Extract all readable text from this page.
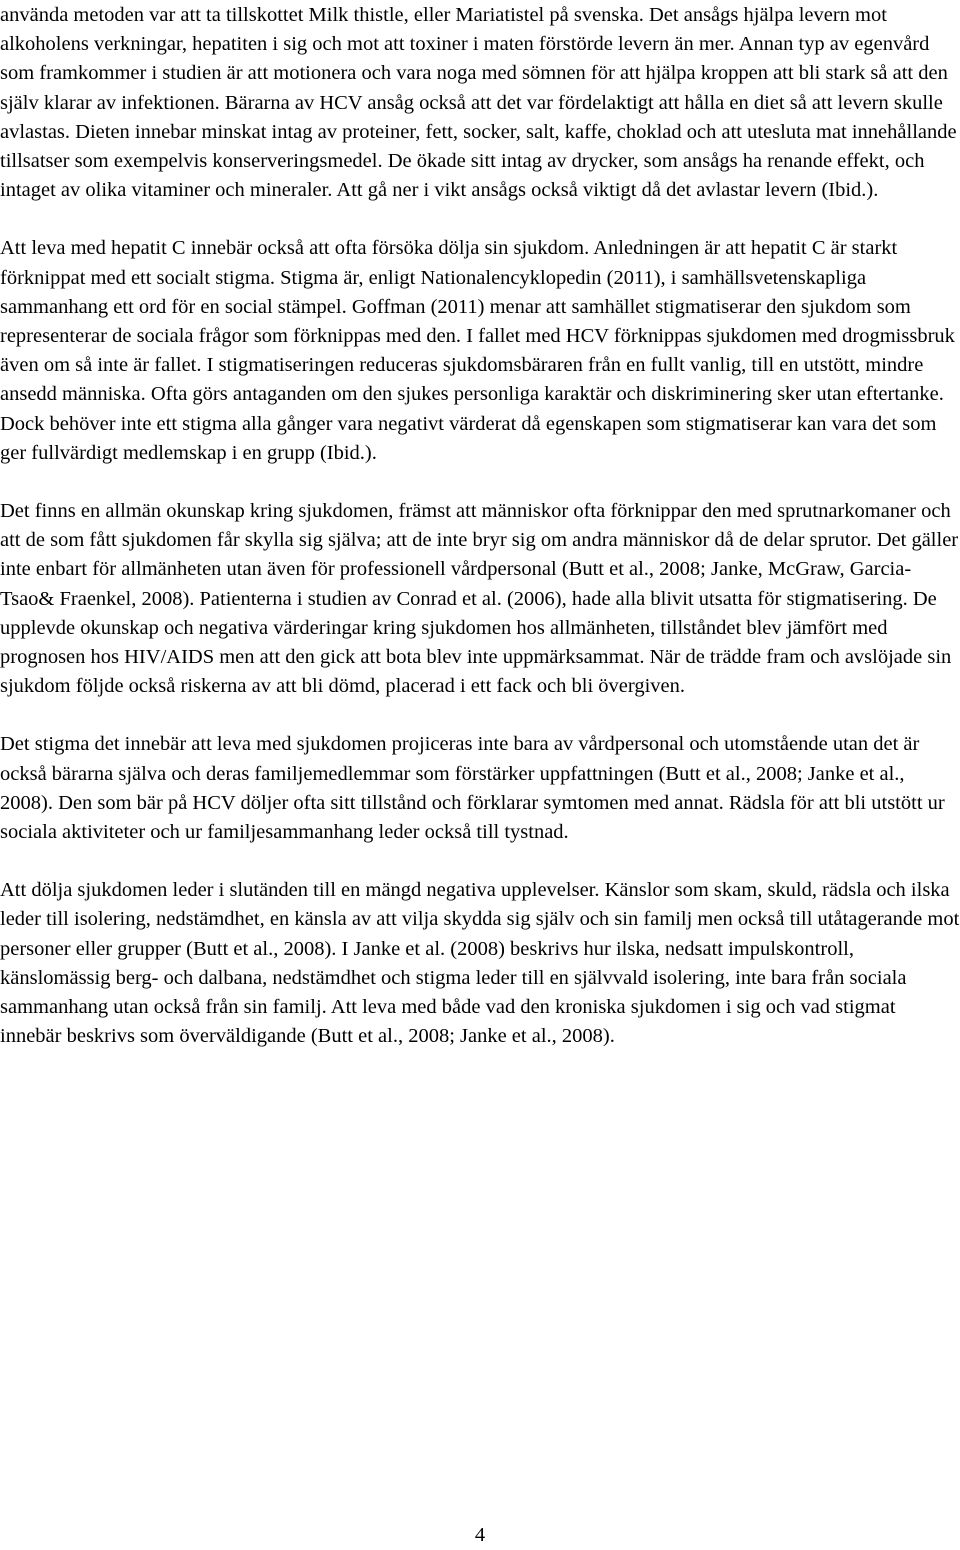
använda metoden var att ta tillskottet Milk thistle, eller Mariatistel på svenska. Det ansågs hjälpa levern mot alkoholens verkningar, hepatiten i sig och mot att toxiner i maten förstörde levern än mer. Annan typ av egenvård som framkommer i studien är att motionera och vara noga med sömnen för att hjälpa kroppen att bli stark så att den själv klarar av infektionen. Bärarna av HCV ansåg också att det var fördelaktigt att hålla en diet så att levern skulle avlastas. Dieten innebar minskat intag av proteiner, fett, socker, salt, kaffe, choklad och att utesluta mat innehållande tillsatser som exempelvis konserveringsmedel. De ökade sitt intag av drycker, som ansågs ha renande effekt, och intaget av olika vitaminer och mineraler. Att gå ner i vikt ansågs också viktigt då det avlastar levern (Ibid.).

Att leva med hepatit C innebär också att ofta försöka dölja sin sjukdom. Anledningen är att hepatit C är starkt förknippat med ett socialt stigma. Stigma är, enligt Nationalencyklopedin (2011), i samhällsvetenskapliga sammanhang ett ord för en social stämpel. Goffman (2011) menar att samhället stigmatiserar den sjukdom som representerar de sociala frågor som förknippas med den. I fallet med HCV förknippas sjukdomen med drogmissbruk även om så inte är fallet. I stigmatiseringen reduceras sjukdomsbäraren från en fullt vanlig, till en utstött, mindre ansedd människa. Ofta görs antaganden om den sjukes personliga karaktär och diskriminering sker utan eftertanke. Dock behöver inte ett stigma alla gånger vara negativt värderat då egenskapen som stigmatiserar kan vara det som ger fullvärdigt medlemskap i en grupp (Ibid.).

Det finns en allmän okunskap kring sjukdomen, främst att människor ofta förknippar den med sprutnarkomaner och att de som fått sjukdomen får skylla sig själva; att de inte bryr sig om andra människor då de delar sprutor. Det gäller inte enbart för allmänheten utan även för professionell vårdpersonal (Butt et al., 2008; Janke, McGraw, Garcia-Tsao& Fraenkel, 2008). Patienterna i studien av Conrad et al. (2006), hade alla blivit utsatta för stigmatisering. De upplevde okunskap och negativa värderingar kring sjukdomen hos allmänheten, tillståndet blev jämfört med prognosen hos HIV/AIDS men att den gick att bota blev inte uppmärksammat. När de trädde fram och avslöjade sin sjukdom följde också riskerna av att bli dömd, placerad i ett fack och bli övergiven.

Det stigma det innebär att leva med sjukdomen projiceras inte bara av vårdpersonal och utomstående utan det är också bärarna själva och deras familjemedlemmar som förstärker uppfattningen (Butt et al., 2008; Janke et al., 2008). Den som bär på HCV döljer ofta sitt tillstånd och förklarar symtomen med annat. Rädsla för att bli utstött ur sociala aktiviteter och ur familjesammanhang leder också till tystnad.

Att dölja sjukdomen leder i slutänden till en mängd negativa upplevelser. Känslor som skam, skuld, rädsla och ilska leder till isolering, nedstämdhet, en känsla av att vilja skydda sig själv och sin familj men också till utåtagerande mot personer eller grupper (Butt et al., 2008). I Janke et al. (2008) beskrivs hur ilska, nedsatt impulskontroll, känslomässig berg- och dalbana, nedstämdhet och stigma leder till en självvald isolering, inte bara från sociala sammanhang utan också från sin familj. Att leva med både vad den kroniska sjukdomen i sig och vad stigmat innebär beskrivs som överväldigande (Butt et al., 2008; Janke et al., 2008).

4
